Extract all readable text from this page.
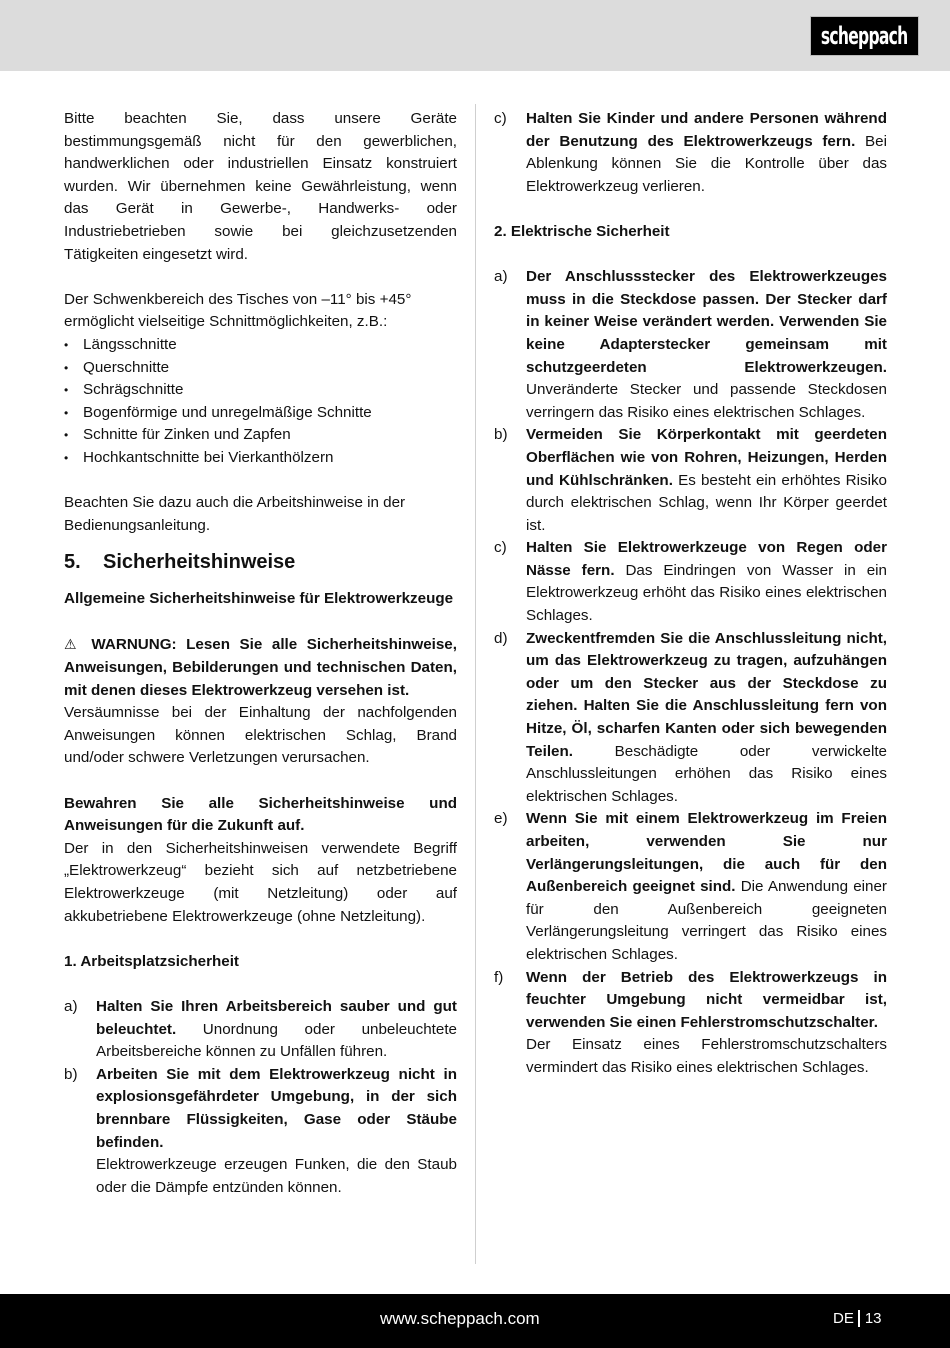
scheppach

Bitte beachten Sie, dass unsere Geräte bestimmungsgemäß nicht für den gewerblichen, handwerklichen oder industriellen Einsatz konstruiert wurden. Wir übernehmen keine Gewährleistung, wenn das Gerät in Gewerbe-, Handwerks- oder Industriebetrieben sowie bei gleichzusetzenden Tätigkeiten eingesetzt wird.

Der Schwenkbereich des Tisches von –11° bis +45° ermöglicht vielseitige Schnittmöglichkeiten, z.B.:

• Längsschnitte
• Querschnitte
• Schrägschnitte
• Bogenförmige und unregelmäßige Schnitte
• Schnitte für Zinken und Zapfen
• Hochkantschnitte bei Vierkanthölzern

Beachten Sie dazu auch die Arbeitshinweise in der Bedienungsanleitung.

5.	Sicherheitshinweise

Allgemeine Sicherheitshinweise für Elektrowerkzeuge

⚠ WARNUNG: Lesen Sie alle Sicherheitshinweise, Anweisungen, Bebilderungen und technischen Daten, mit denen dieses Elektrowerkzeug versehen ist.
Versäumnisse bei der Einhaltung der nachfolgenden Anweisungen können elektrischen Schlag, Brand und/oder schwere Verletzungen verursachen.

Bewahren Sie alle Sicherheitshinweise und Anweisungen für die Zukunft auf.
Der in den Sicherheitshinweisen verwendete Begriff „Elektrowerkzeug“ bezieht sich auf netzbetriebene Elektrowerkzeuge (mit Netzleitung) oder auf akkubetriebene Elektrowerkzeuge (ohne Netzleitung).

1. Arbeitsplatzsicherheit

a)	Halten Sie Ihren Arbeitsbereich sauber und gut beleuchtet. Unordnung oder unbeleuchtete Arbeitsbereiche können zu Unfällen führen.
b)	Arbeiten Sie mit dem Elektrowerkzeug nicht in explosionsgefährdeter Umgebung, in der sich brennbare Flüssigkeiten, Gase oder Stäube befinden.
Elektrowerkzeuge erzeugen Funken, die den Staub oder die Dämpfe entzünden können.
c)	Halten Sie Kinder und andere Personen während der Benutzung des Elektrowerkzeugs fern. Bei Ablenkung können Sie die Kontrolle über das Elektrowerkzeug verlieren.

2. Elektrische Sicherheit

a)	Der Anschlussstecker des Elektrowerkzeuges muss in die Steckdose passen. Der Stecker darf in keiner Weise verändert werden. Verwenden Sie keine Adapterstecker gemeinsam mit schutzgeerdeten Elektrowerkzeugen. Unveränderte Stecker und passende Steckdosen verringern das Risiko eines elektrischen Schlages.
b)	Vermeiden Sie Körperkontakt mit geerdeten Oberflächen wie von Rohren, Heizungen, Herden und Kühlschränken. Es besteht ein erhöhtes Risiko durch elektrischen Schlag, wenn Ihr Körper geerdet ist.
c)	Halten Sie Elektrowerkzeuge von Regen oder Nässe fern. Das Eindringen von Wasser in ein Elektrowerkzeug erhöht das Risiko eines elektrischen Schlages.
d)	Zweckentfremden Sie die Anschlussleitung nicht, um das Elektrowerkzeug zu tragen, aufzuhängen oder um den Stecker aus der Steckdose zu ziehen. Halten Sie die Anschlussleitung fern von Hitze, Öl, scharfen Kanten oder sich bewegenden Teilen. Beschädigte oder verwickelte Anschlussleitungen erhöhen das Risiko eines elektrischen Schlages.
e)	Wenn Sie mit einem Elektrowerkzeug im Freien arbeiten, verwenden Sie nur Verlängerungsleitungen, die auch für den Außenbereich geeignet sind. Die Anwendung einer für den Außenbereich geeigneten Verlängerungsleitung verringert das Risiko eines elektrischen Schlages.
f)	Wenn der Betrieb des Elektrowerkzeugs in feuchter Umgebung nicht vermeidbar ist, verwenden Sie einen Fehlerstromschutzschalter.
Der Einsatz eines Fehlerstromschutzschalters vermindert das Risiko eines elektrischen Schlages.
www.scheppach.com	DE 13
